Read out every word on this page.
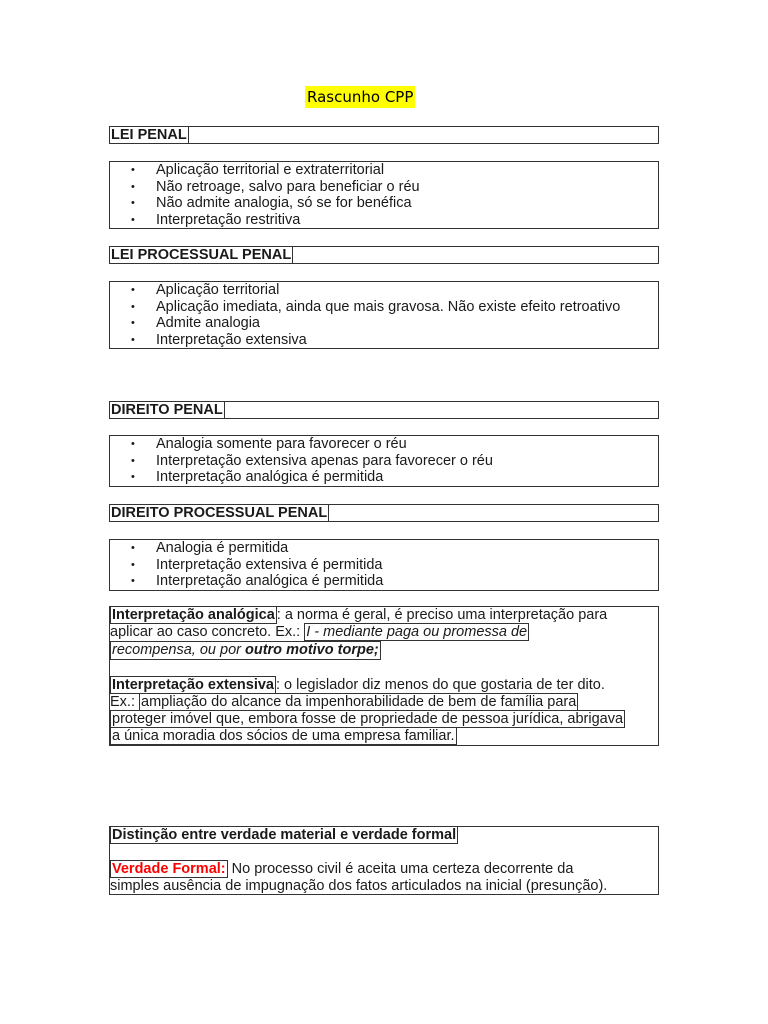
Rascunho CPP
LEI PENAL
• Aplicação territorial e extraterritorial
• Não retroage, salvo para beneficiar o réu
• Não admite analogia, só se for benéfica
• Interpretação restritiva
LEI PROCESSUAL PENAL
• Aplicação territorial
• Aplicação imediata, ainda que mais gravosa. Não existe efeito retroativo
• Admite analogia
• Interpretação extensiva
DIREITO PENAL
• Analogia somente para favorecer o réu
• Interpretação extensiva apenas para favorecer o réu
• Interpretação analógica é permitida
DIREITO PROCESSUAL PENAL
• Analogia é permitida
• Interpretação extensiva é permitida
• Interpretação analógica é permitida
Interpretação analógica : a norma é geral, é preciso uma interpretação para
aplicar ao caso concreto. Ex.: I - mediante paga ou promessa de
recompensa, ou por outro motivo torpe;
Interpretação extensiva : o legislador diz menos do que gostaria de ter dito.
Ex.: ampliação do alcance da impenhorabilidade de bem de família para
proteger imóvel que, embora fosse de propriedade de pessoa jurídica, abrigava
a única moradia dos sócios de uma empresa familiar.
Distinção entre verdade material e verdade formal
Verdade Formal: No processo civil é aceita uma certeza decorrente da
simples ausência de impugnação dos fatos articulados na inicial (presunção).
